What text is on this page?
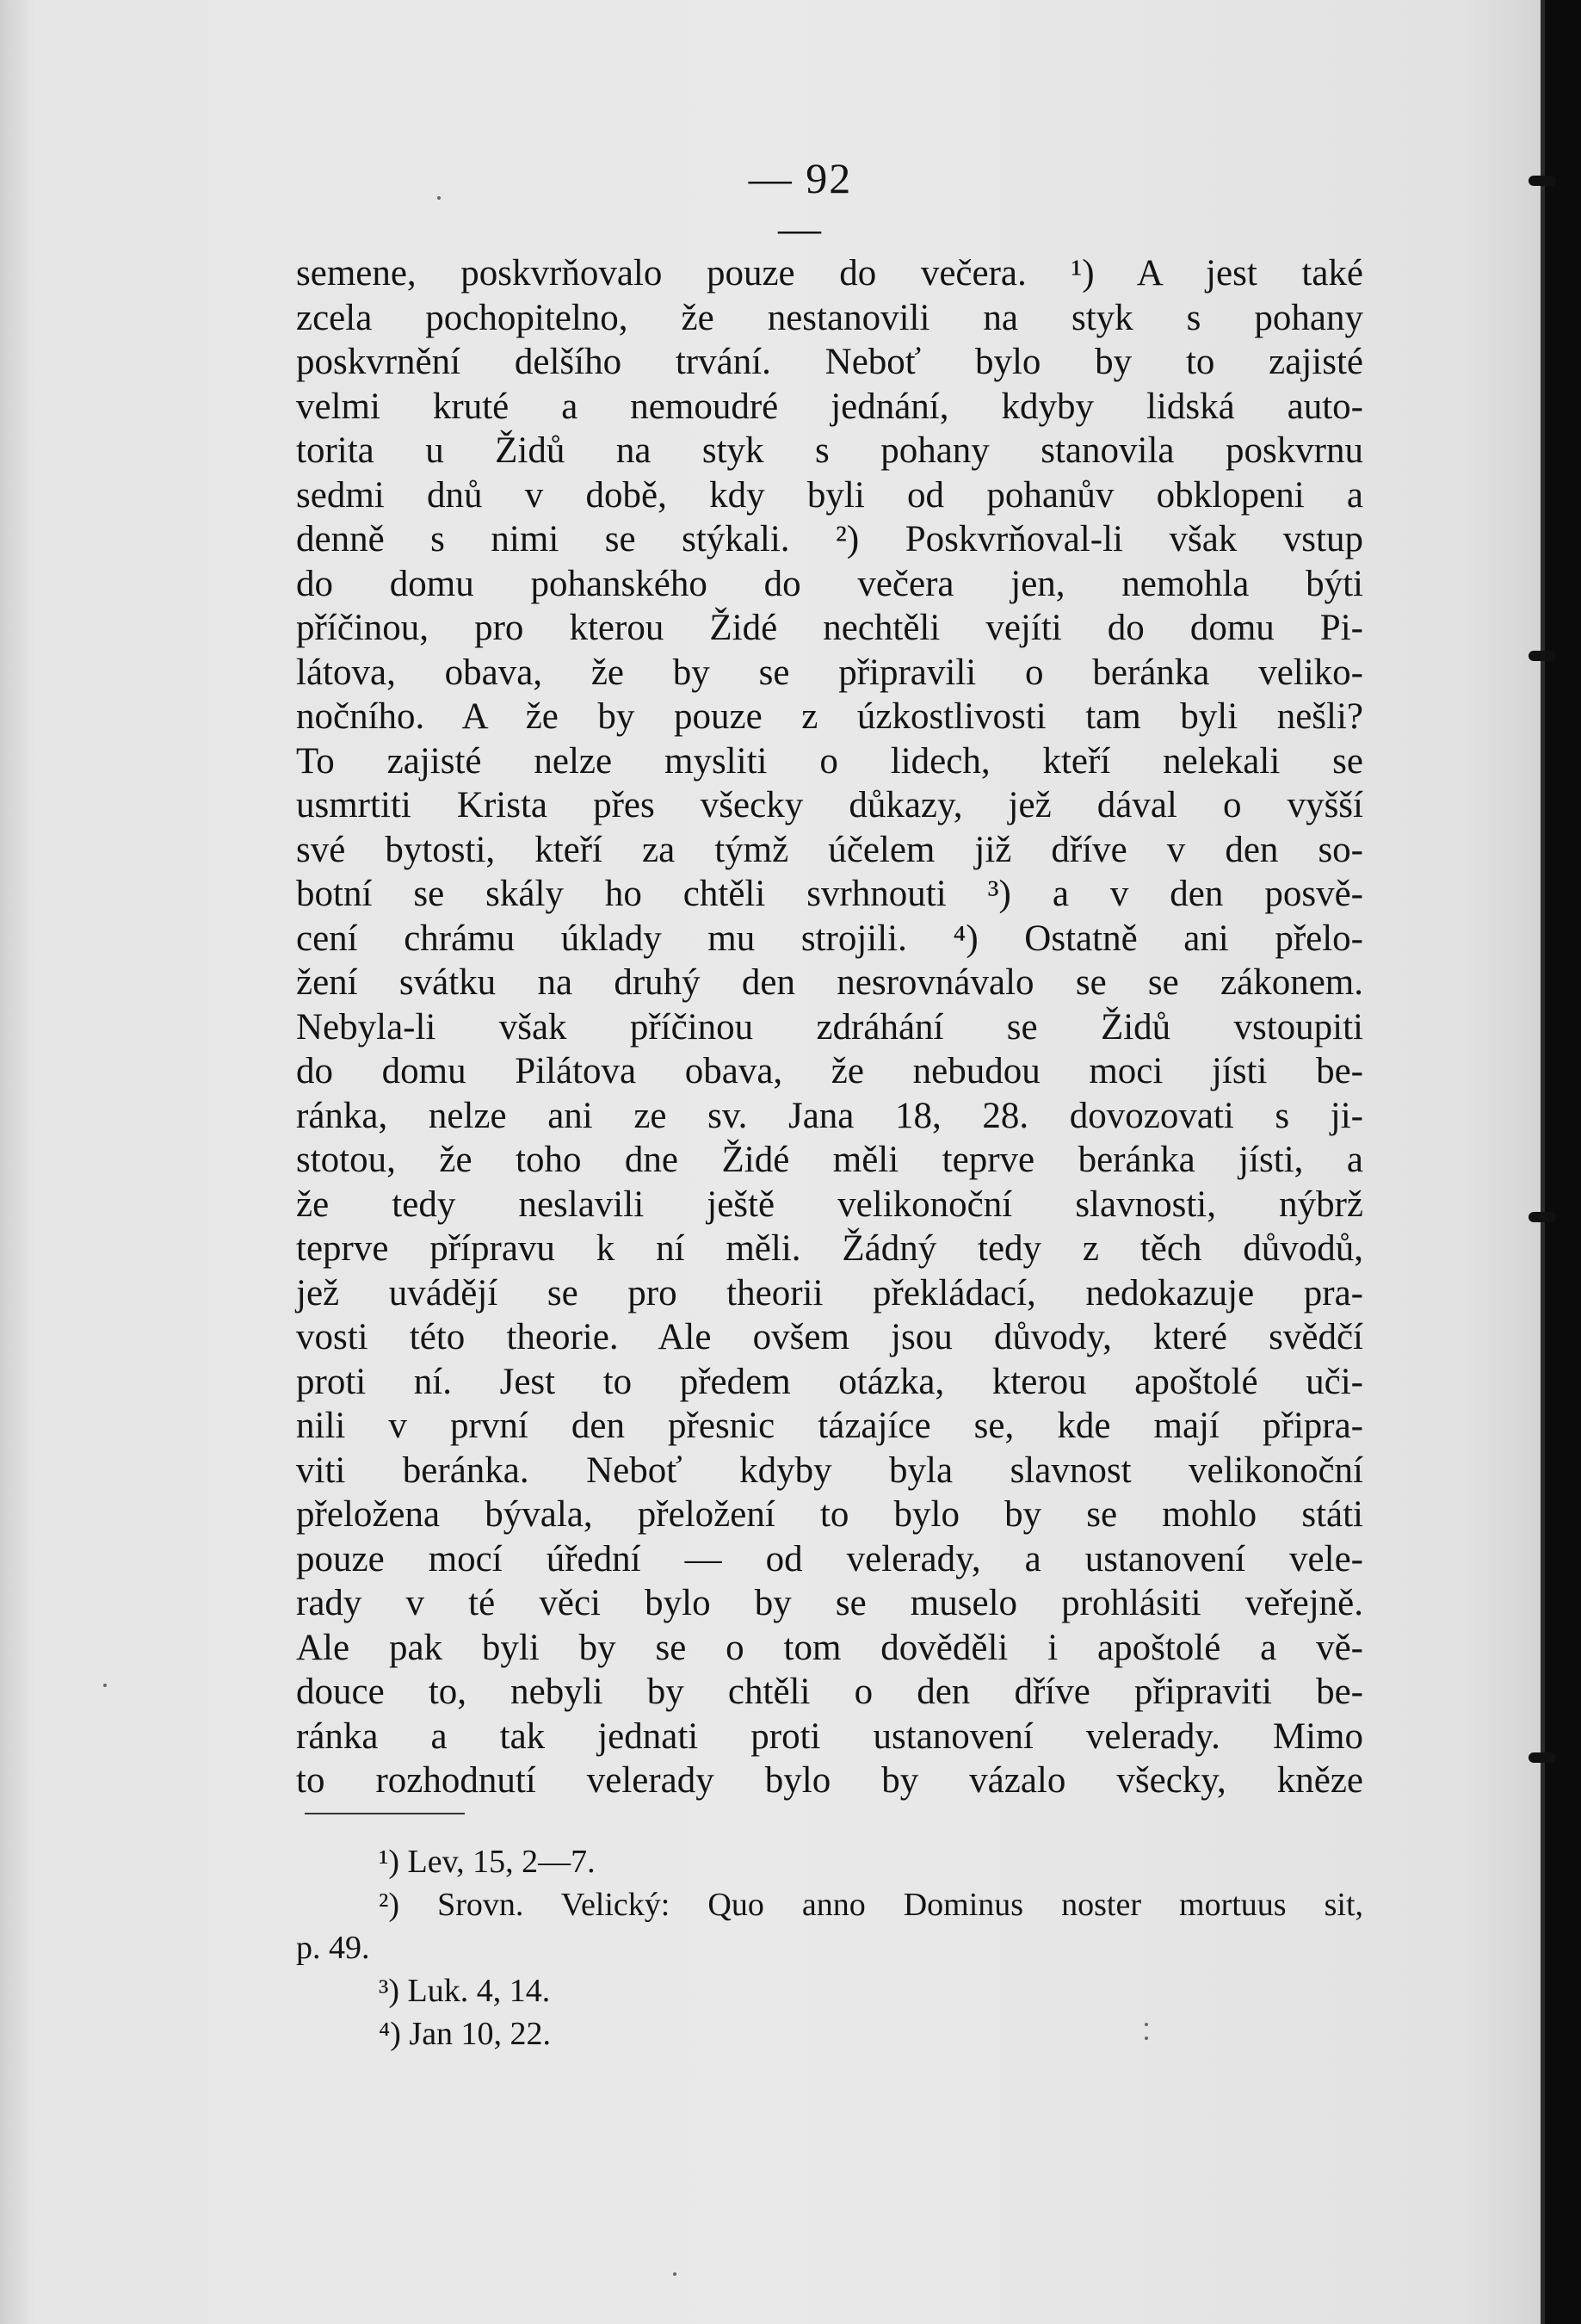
— 92 —
semene, poskvrňovalo pouze do večera. ¹) A jest také
zcela pochopitelno, že nestanovili na styk s pohany
poskvrnění delšího trvání. Neboť bylo by to zajisté
velmi kruté a nemoudré jednání, kdyby lidská auto-
torita u Židů na styk s pohany stanovila poskvrnu
sedmi dnů v době, kdy byli od pohanův obklopeni a
denně s nimi se stýkali. ²) Poskvrňoval-li však vstup
do domu pohanského do večera jen, nemohla býti
příčinou, pro kterou Židé nechtěli vejíti do domu Pi-
látova, obava, že by se připravili o beránka veliko-
nočního. A že by pouze z úzkostlivosti tam byli nešli?
To zajisté nelze mysliti o lidech, kteří nelekali se
usmrtiti Krista přes všecky důkazy, jež dával o vyšší
své bytosti, kteří za týmž účelem již dříve v den so-
botní se skály ho chtěli svrhnouti ³) a v den posvě-
cení chrámu úklady mu strojili. ⁴) Ostatně ani přelo-
žení svátku na druhý den nesrovnávalo se se zákonem.
Nebyla-li však příčinou zdráhání se Židů vstoupiti
do domu Pilátova obava, že nebudou moci jísti be-
ránka, nelze ani ze sv. Jana 18, 28. dovozovati s ji-
stotou, že toho dne Židé měli teprve beránka jísti, a
že tedy neslavili ještě velikonoční slavnosti, nýbrž
teprve přípravu k ní měli. Žádný tedy z těch důvodů,
jež uvádějí se pro theorii překládací, nedokazuje pra-
vosti této theorie. Ale ovšem jsou důvody, které svědčí
proti ní. Jest to předem otázka, kterou apoštolé uči-
nili v první den přesnic tázajíce se, kde mají připra-
viti beránka. Neboť kdyby byla slavnost velikonoční
přeložena bývala, přeložení to bylo by se mohlo státi
pouze mocí úřední — od velerady, a ustanovení vele-
rady v té věci bylo by se muselo prohlásiti veřejně.
Ale pak byli by se o tom dověděli i apoštolé a vě-
douce to, nebyli by chtěli o den dříve připraviti be-
ránka a tak jednati proti ustanovení velerady. Mimo
to rozhodnutí velerady bylo by vázalo všecky, kněze
¹) Lev, 15, 2—7.
²) Srovn. Velický: Quo anno Dominus noster mortuus sit,
p. 49.
³) Luk. 4, 14.
⁴) Jan 10, 22.
